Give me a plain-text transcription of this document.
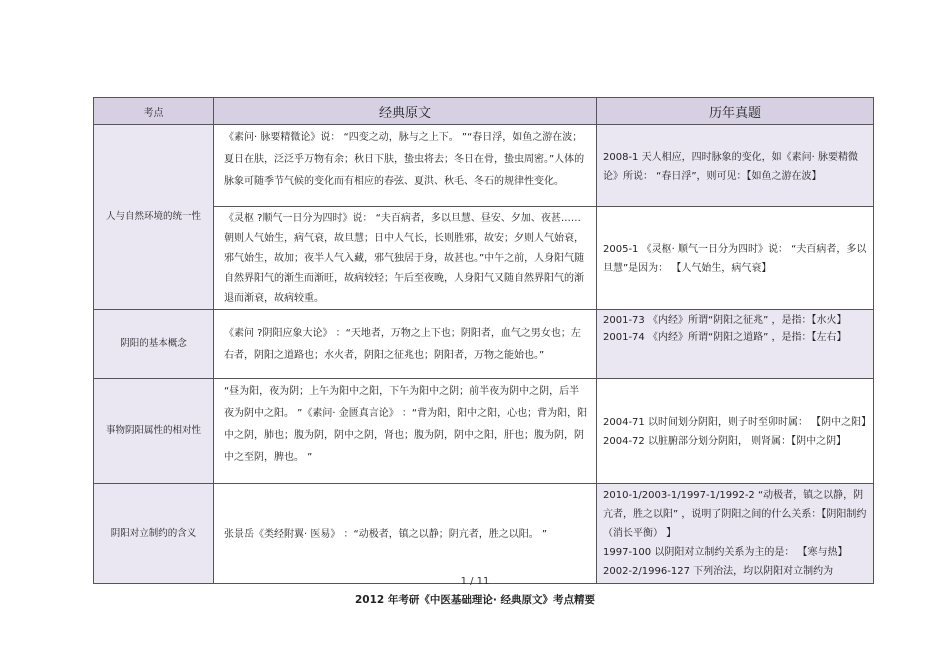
考点	经典原文	历年真题
人与自然环境的统一性	《素问· 脉要精微论》说： “四变之动，脉与之上下。 ”“春日浮，如鱼之游在波；夏日在肤，泛泛乎万物有余；秋日下肤，蛰虫将去；冬日在骨，蛰虫周密。”人体的脉象可随季节气候的变化而有相应的春弦、夏洪、秋毛、冬石的规律性变化。	2008-1 天人相应，四时脉象的变化，如《素问· 脉要精微论》所说： “春日浮”，则可见：【如鱼之游在波】
	《灵枢 ?顺气一日分为四时》说： “夫百病者，多以旦慧、昼安、夕加、夜甚……朝则人气始生，病气衰，故旦慧；日中人气长，长则胜邪，故安；夕则人气始衰，邪气始生，故加；夜半人气入藏，邪气独居于身，故甚也。”中午之前，人身阳气随自然界阳气的渐生而渐旺，故病较轻；午后至夜晚，人身阳气又随自然界阳气的渐退而渐衰，故病较重。	2005-1 《灵枢· 顺气一日分为四时》说： “夫百病者，多以旦慧”是因为： 【人气始生，病气衰】
阴阳的基本概念	《素问 ?阴阳应象大论》 ：“天地者，万物之上下也；阴阳者，血气之男女也；左右者，阴阳之道路也；水火者，阴阳之征兆也；阴阳者，万物之能始也。”	2001-73 《内经》所谓“阴阳之征兆” ，是指：【水火】
2001-74 《内经》所谓“阴阳之道路” ，是指：【左右】

事物阴阳属性的相对性	“昼为阳，夜为阴；上午为阳中之阳，下午为阳中之阴；前半夜为阴中之阴，后半夜为阴中之阳。 ”《素问· 金匮真言论》 ：“背为阳，阳中之阳，心也；背为阳，阳中之阴，肺也；腹为阴，阴中之阴，肾也；腹为阴，阴中之阳，肝也；腹为阴，阴中之至阴，脾也。 ”	2004-71 以时间划分阴阳，则子时至卯时属： 【阴中之阳】
2004-72 以脏腑部分划分阴阳， 则肾属：【阴中之阴】

阴阳对立制约的含义	张景岳《类经附翼· 医易》 ：“动极者，镇之以静；阴亢者，胜之以阳。 ”	2010-1/2003-1/1997-1/1992-2 “动极者，镇之以静，阴亢者，胜之以阳” ，说明了阴阳之间的什么关系：【阴阳制约（消长平衡） 】
1997-100 以阴阳对立制约关系为主的是： 【寒与热】
2002-2/1996-127 下列治法，均以阴阳对立制约为
1 / 11
2012 年考研《中医基础理论· 经典原文》考点精要
